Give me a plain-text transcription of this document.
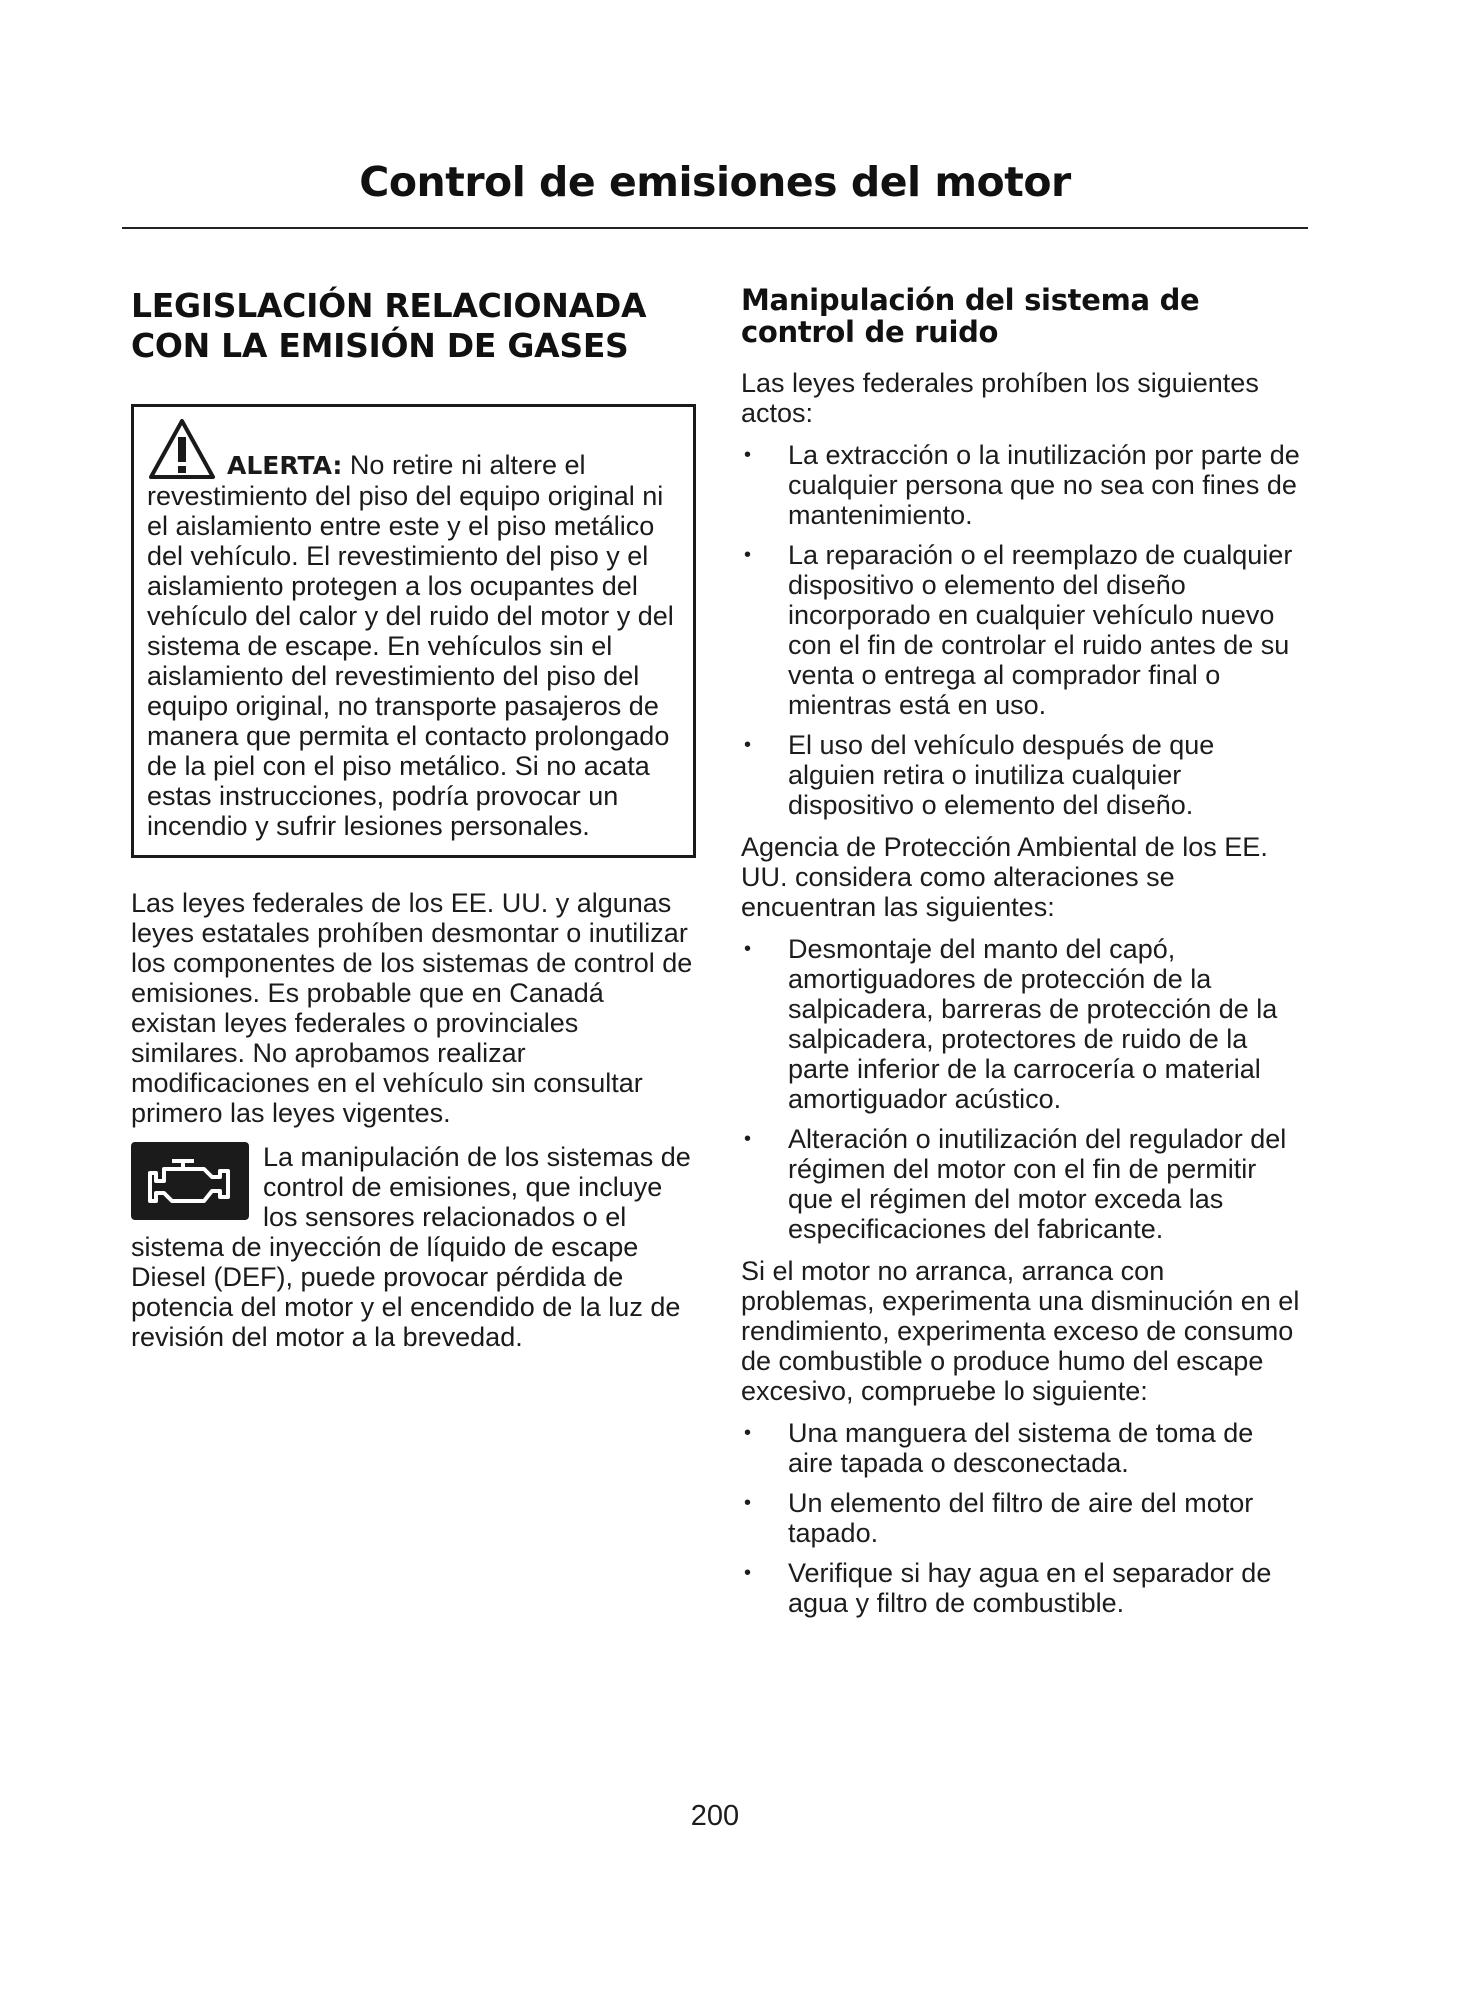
Control de emisiones del motor
LEGISLACIÓN RELACIONADA CON LA EMISIÓN DE GASES
ALERTA: No retire ni altere el

revestimiento del piso del equipo original ni el aislamiento entre este y el piso metálico del vehículo. El revestimiento del piso y el aislamiento protegen a los ocupantes del vehículo del calor y del ruido del motor y del sistema de escape. En vehículos sin el aislamiento del revestimiento del piso del equipo original, no transporte pasajeros de manera que permita el contacto prolongado de la piel con el piso metálico. Si no acata estas instrucciones, podría provocar un incendio y sufrir lesiones personales.

Las leyes federales de los EE. UU. y algunas leyes estatales prohíben desmontar o inutilizar los componentes de los sistemas de control de emisiones. Es probable que en Canadá existan leyes federales o provinciales similares. No aprobamos realizar modificaciones en el vehículo sin consultar primero las leyes vigentes.

La manipulación de los sistemas de control de emisiones, que incluye los sensores relacionados o el sistema de inyección de líquido de escape Diesel (DEF), puede provocar pérdida de potencia del motor y el encendido de la luz de revisión del motor a la brevedad.
Manipulación del sistema de control de ruido

Las leyes federales prohíben los siguientes actos:

• La extracción o la inutilización por parte de cualquier persona que no sea con fines de mantenimiento.
• La reparación o el reemplazo de cualquier dispositivo o elemento del diseño incorporado en cualquier vehículo nuevo con el fin de controlar el ruido antes de su venta o entrega al comprador final o mientras está en uso.
• El uso del vehículo después de que alguien retira o inutiliza cualquier dispositivo o elemento del diseño.

Agencia de Protección Ambiental de los EE. UU. considera como alteraciones se encuentran las siguientes:

• Desmontaje del manto del capó, amortiguadores de protección de la salpicadera, barreras de protección de la salpicadera, protectores de ruido de la parte inferior de la carrocería o material amortiguador acústico.
• Alteración o inutilización del regulador del régimen del motor con el fin de permitir que el régimen del motor exceda las especificaciones del fabricante.

Si el motor no arranca, arranca con problemas, experimenta una disminución en el rendimiento, experimenta exceso de consumo de combustible o produce humo del escape excesivo, compruebe lo siguiente:

• Una manguera del sistema de toma de aire tapada o desconectada.
• Un elemento del filtro de aire del motor tapado.
• Verifique si hay agua en el separador de agua y filtro de combustible.
200
